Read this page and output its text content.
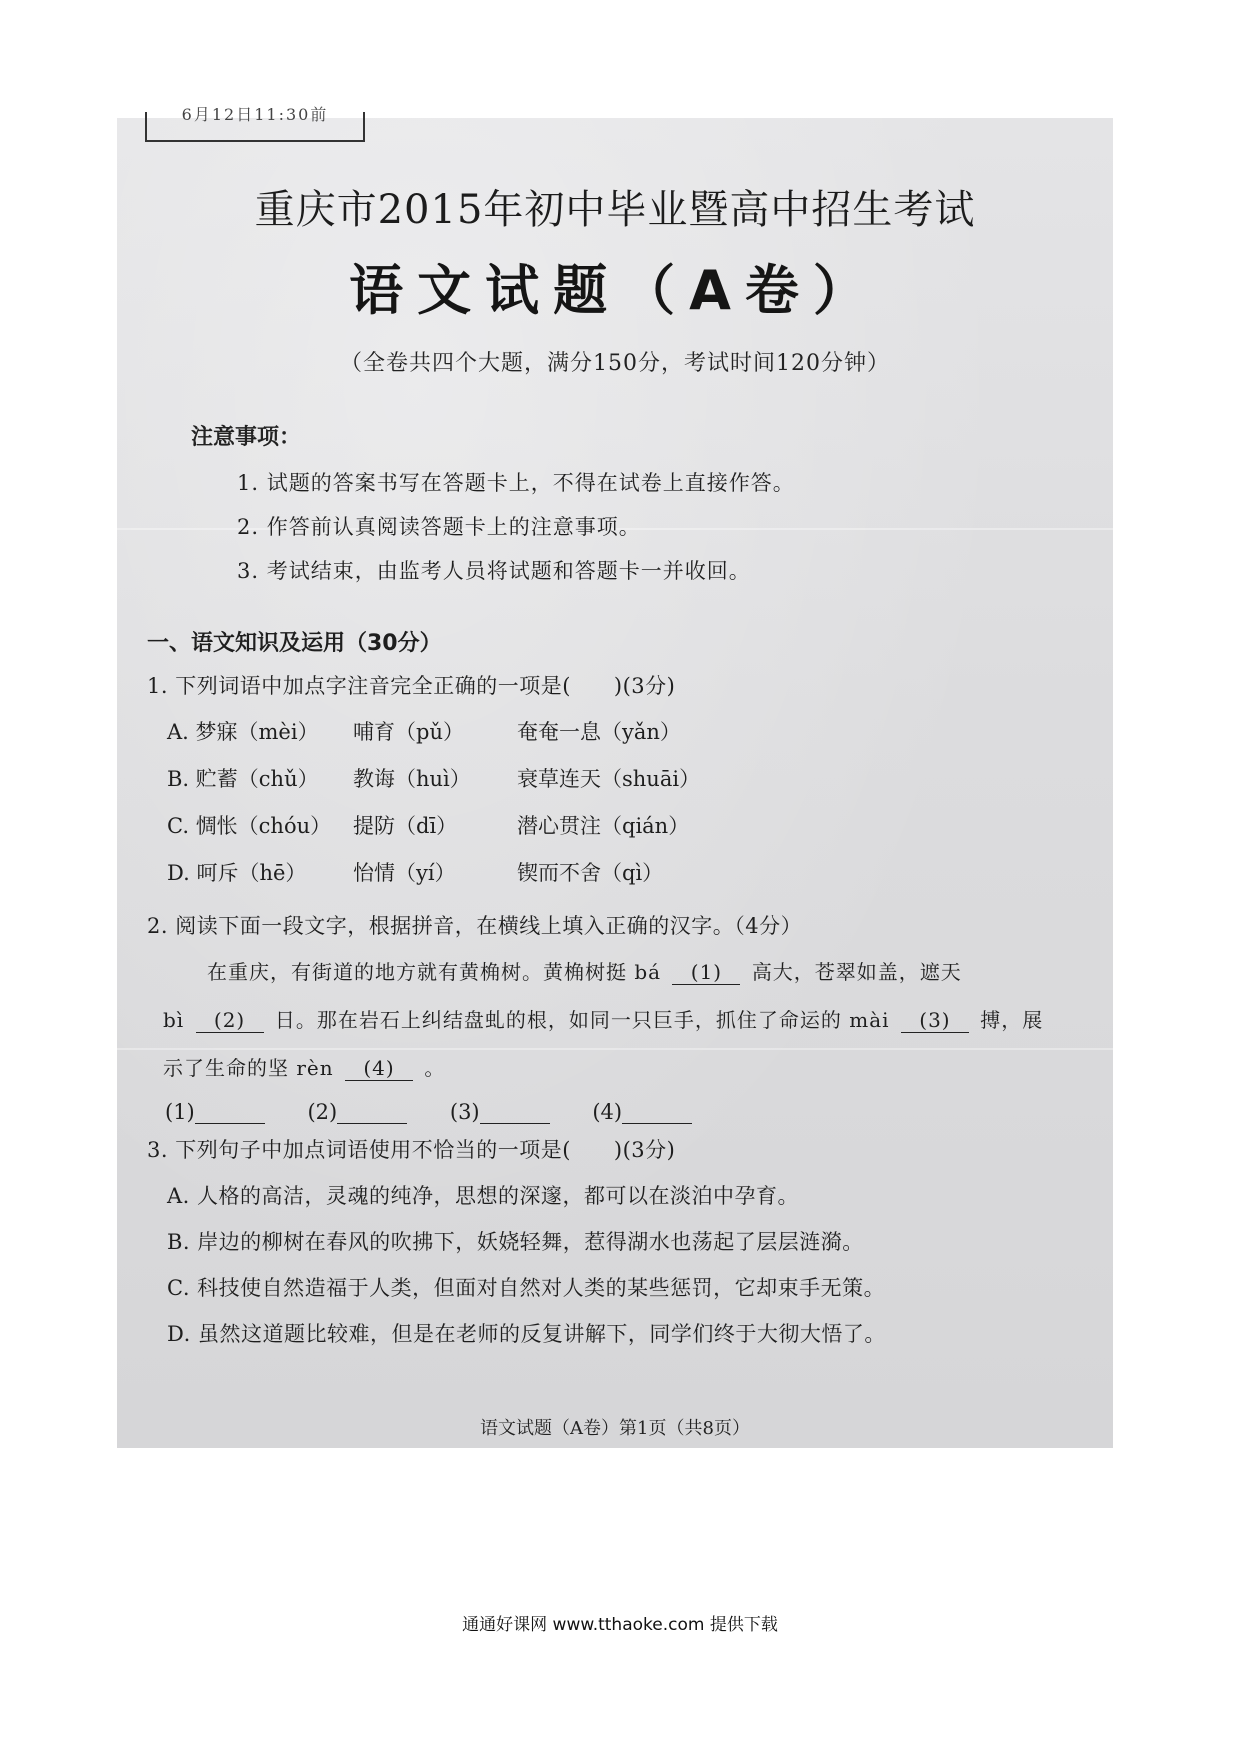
6月12日11:30前
重庆市2015年初中毕业暨高中招生考试
语文试题（A卷）
（全卷共四个大题，满分150分，考试时间120分钟）
注意事项：
1. 试题的答案书写在答题卡上，不得在试卷上直接作答。
2. 作答前认真阅读答题卡上的注意事项。
3. 考试结束，由监考人员将试题和答题卡一并收回。
一、语文知识及运用（30分）
1. 下列词语中加点字注音完全正确的一项是(　　)(3分)
A. 梦寐（mèi）	哺育（pǔ）	奄奄一息（yǎn）
B. 贮蓄（chǔ）	教诲（huì）	衰草连天（shuāi）
C. 惆怅（chóu）	提防（dī）	潜心贯注（qián）
D. 呵斥（hē）	怡情（yí）	锲而不舍（qì）
2. 阅读下面一段文字，根据拼音，在横线上填入正确的汉字。（4分）
在重庆，有街道的地方就有黄桷树。黄桷树挺 bá (1) 高大，苍翠如盖，遮天
bì (2) 日。那在岩石上纠结盘虬的根，如同一只巨手，抓住了命运的 mài (3) 搏，展
示了生命的坚 rèn (4) 。
(1)	(2)	(3)	(4)
3. 下列句子中加点词语使用不恰当的一项是(　　)(3分)
A. 人格的高洁，灵魂的纯净，思想的深邃，都可以在淡泊中孕育。
B. 岸边的柳树在春风的吹拂下，妖娆轻舞，惹得湖水也荡起了层层涟漪。
C. 科技使自然造福于人类，但面对自然对人类的某些惩罚，它却束手无策。
D. 虽然这道题比较难，但是在老师的反复讲解下，同学们终于大彻大悟了。
语文试题（A卷）第1页（共8页）
通通好课网 www.tthaoke.com 提供下载
